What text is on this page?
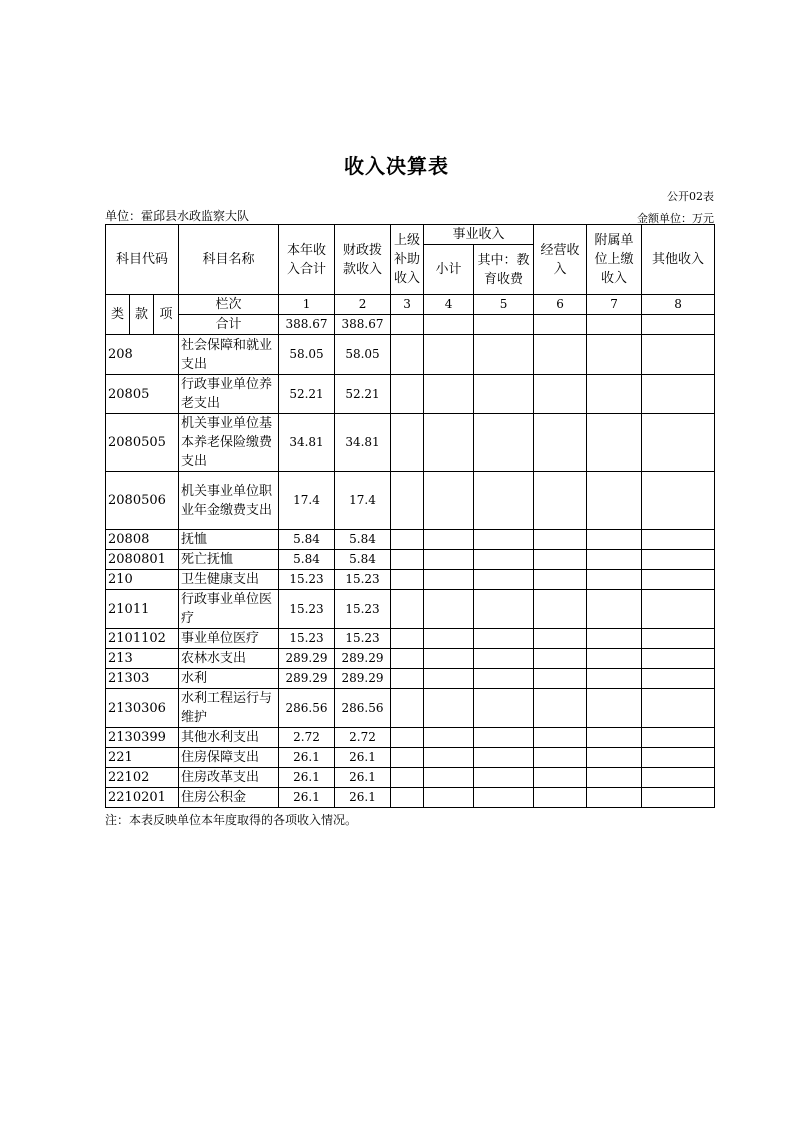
收入决算表
公开02表
单位：霍邱县水政监察大队	金额单位：万元
科目代码			科目名称	本年收入合计	财政拨款收入	上级补助收入	事业收入		经营收入	附属单位上缴收入	其他收入
							小计	其中：教育收费			
类	款	项	栏次	1	2	3	4	5	6	7	8
			合计	388.67	388.67						
208			社会保障和就业支出	58.05	58.05						
20805			行政事业单位养老支出	52.21	52.21						
2080505			机关事业单位基本养老保险缴费支出	34.81	34.81						
2080506			机关事业单位职业年金缴费支出	17.4	17.4						
20808			抚恤	5.84	5.84						
2080801			死亡抚恤	5.84	5.84						
210			卫生健康支出	15.23	15.23						
21011			行政事业单位医疗	15.23	15.23						
2101102			事业单位医疗	15.23	15.23						
213			农林水支出	289.29	289.29						
21303			水利	289.29	289.29						
2130306			水利工程运行与维护	286.56	286.56						
2130399			其他水利支出	2.72	2.72						
221			住房保障支出	26.1	26.1						
22102			住房改革支出	26.1	26.1						
2210201			住房公积金	26.1	26.1						
注：本表反映单位本年度取得的各项收入情况。
